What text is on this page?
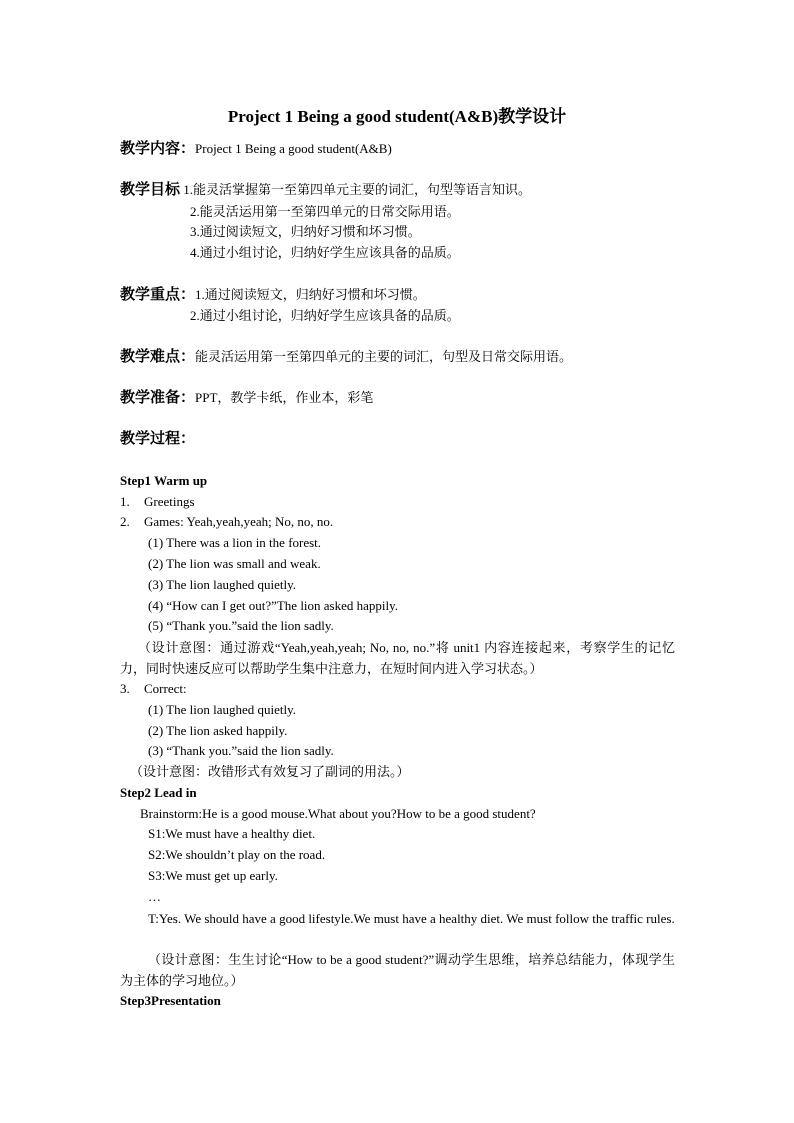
Project 1 Being a good student(A&B)教学设计
教学内容：Project 1 Being a good student(A&B)
教学目标 1.能灵活掌握第一至第四单元主要的词汇，句型等语言知识。
2.能灵活运用第一至第四单元的日常交际用语。
3.通过阅读短文，归纳好习惯和坏习惯。
4.通过小组讨论，归纳好学生应该具备的品质。
教学重点：1.通过阅读短文，归纳好习惯和坏习惯。
2.通过小组讨论，归纳好学生应该具备的品质。
教学难点：能灵活运用第一至第四单元的主要的词汇，句型及日常交际用语。
教学准备：PPT，教学卡纸，作业本，彩笔
教学过程：
Step1 Warm up
1. Greetings
2. Games: Yeah,yeah,yeah; No, no, no.
(1) There was a lion in the forest.
(2) The lion was small and weak.
(3) The lion laughed quietly.
(4) “How can I get out?”The lion asked happily.
(5) “Thank you.”said the lion sadly.
（设计意图：通过游戏“Yeah,yeah,yeah; No, no, no.”将 unit1 内容连接起来，考察学生的记忆力，同时快速反应可以帮助学生集中注意力，在短时间内进入学习状态。）
3. Correct:
(1) The lion laughed quietly.
(2) The lion asked happily.
(3) “Thank you.”said the lion sadly.
（设计意图：改错形式有效复习了副词的用法。）
Step2 Lead in
Brainstorm:He is a good mouse.What about you?How to be a good student?
S1:We must have a healthy diet.
S2:We shouldn’t play on the road.
S3:We must get up early.
…
T:Yes. We should have a good lifestyle.We must have a healthy diet. We must follow the traffic rules.
（设计意图：生生讨论“How to be a good student?”调动学生思维，培养总结能力，体现学生为主体的学习地位。）
Step3Presentation
